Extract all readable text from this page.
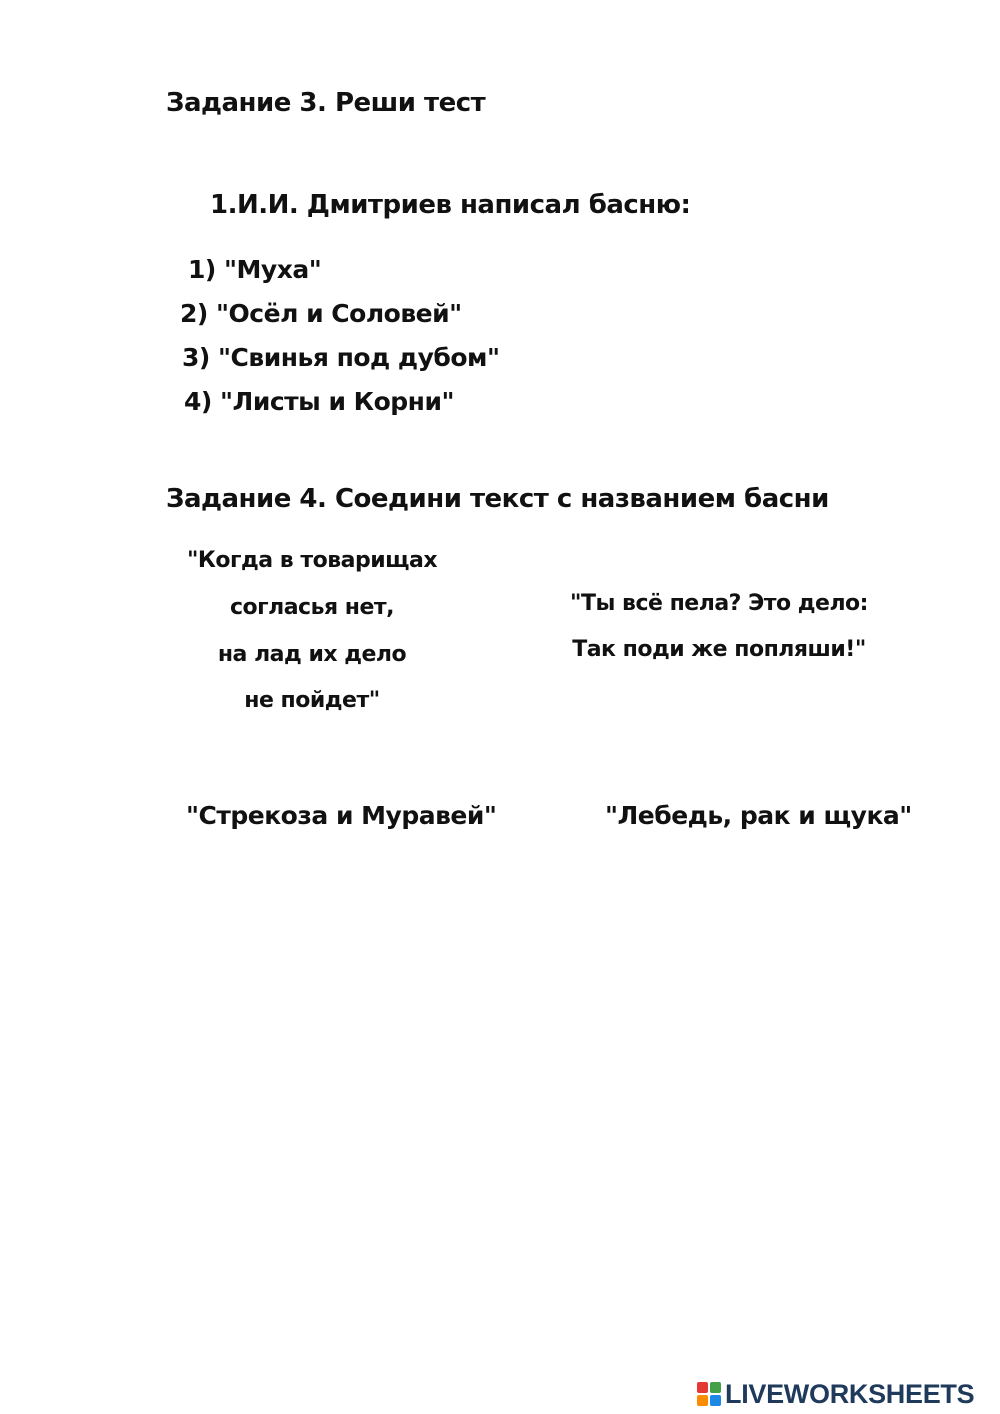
Задание 3. Реши тест
1.И.И. Дмитриев написал басню:
1) "Муха"
2) "Осёл и Соловей"
3) "Свинья под дубом"
4) "Листы и Корни"
Задание 4. Соедини текст с названием басни
"Когда в товарищах
согласья нет,
на лад их дело
не пойдет"
"Ты всё пела? Это дело:
Так поди же попляши!"
"Стрекоза и Муравей"	"Лебедь, рак и щука"
LIVEWORKSHEETS
